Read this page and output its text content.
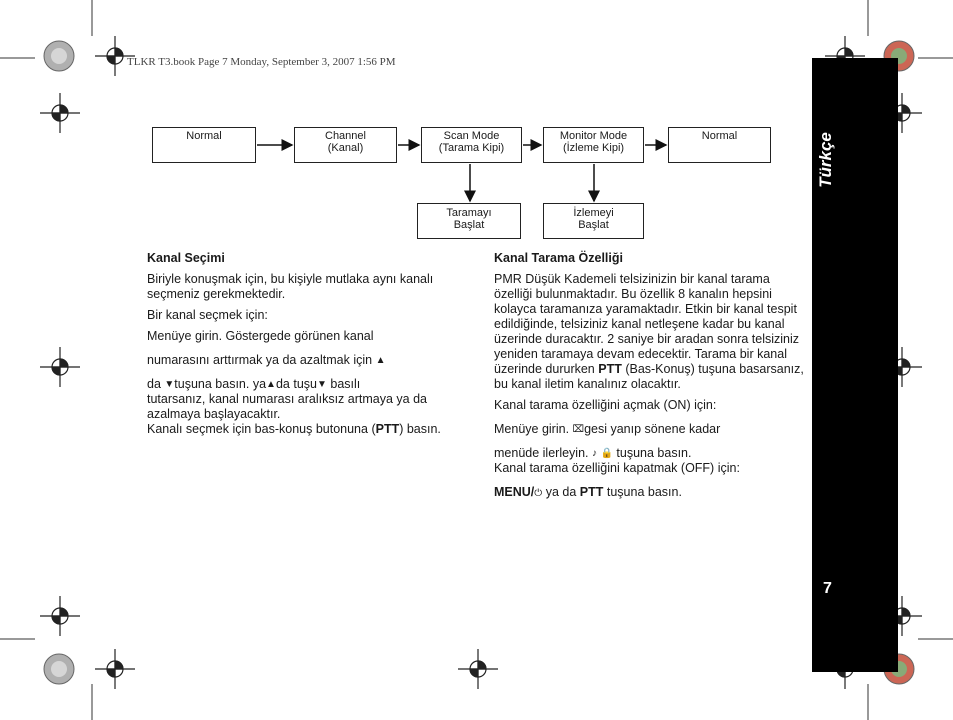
TLKR T3.book Page 7 Monday, September 3, 2007 1:56 PM
Türkçe
7
Normal	Channel
(Kanal)
Scan Mode
(Tarama Kipi)
Monitor Mode
(İzleme Kipi)
Normal
Taramayı
Başlat
İzlemeyi
Başlat
Kanal Seçimi

Biriyle konuşmak için, bu kişiyle mutlaka aynı kanalı seçmeniz gerekmektedir.

Bir kanal seçmek için:

Menüye girin. Göstergede görünen kanal

numarasını arttırmak ya da azaltmak için ▲

da ▼tuşuna basın. ya▲da tuşu▼ basılı

tutarsanız, kanal numarası aralıksız artmaya ya da azalmaya başlayacaktır.

Kanalı seçmek için bas-konuş butonuna (PTT) basın.

Kanal Tarama Özelliği

PMR Düşük Kademeli telsizinizin bir kanal tarama özelliği bulunmaktadır. Bu özellik 8 kanalın hepsini kolayca taramanıza yaramaktadır. Etkin bir kanal tespit edildiğinde, telsiziniz kanal netleşene kadar bu kanal üzerinde duracaktır. 2 saniye bir aradan sonra telsiziniz yeniden taramaya devam edecektir. Tarama bir kanal üzerinde dururken PTT (Bas-Konuş) tuşuna basarsanız, bu kanal iletim kanalınız olacaktır.

Kanal tarama özelliğini açmak (ON) için:

Menüye girin. ⌧gesi yanıp sönene kadar

menüde ilerleyin. ♪ 🔒 tuşuna basın.

Kanal tarama özelliğini kapatmak (OFF) için:

MENU/⏻ ya da PTT tuşuna basın.
